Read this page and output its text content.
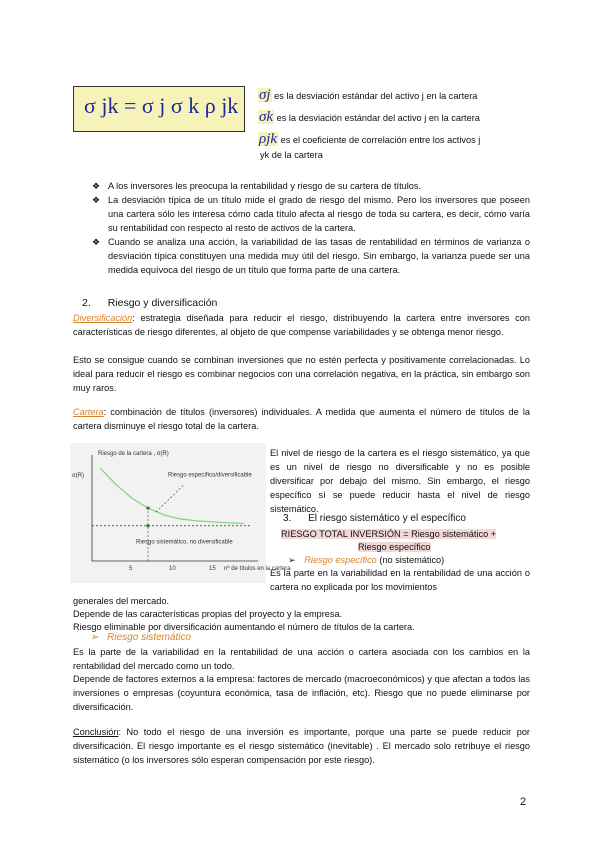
σ jk = σ j σ k ρ jk σj es la desviación estándar del activo j en la cartera
σk es la desviación estándar del activo j en la cartera
ρjk es el coeficiente de correlación entre los activos j
yk de la cartera
❖ A los inversores les preocupa la rentabilidad y riesgo de su cartera de títulos.
❖ La desviación típica de un título mide el grado de riesgo del mismo. Pero los inversores que poseen una cartera sólo les interesa cómo cada título afecta al riesgo de toda su cartera, es decir, cómo varía su rentabilidad con respecto al resto de activos de la cartera.
❖ Cuando se analiza una acción, la variabilidad de las tasas de rentabilidad en términos de varianza o desviación típica constituyen una medida muy útil del riesgo. Sin embargo, la varianza puede ser una medida equívoca del riesgo de un título que forma parte de una cartera.
2. Riesgo y diversificación
Diversificación: estrategia diseñada para reducir el riesgo, distribuyendo la cartera entre inversores con características de riesgo diferentes, al objeto de que compense variabilidades y se obtenga menor riesgo.
Esto se consigue cuando se combinan inversiones que no estén perfecta y positivamente correlacionadas. Lo ideal para reducir el riesgo es combinar negocios con una correlación negativa, en la práctica, sin embargo son muy raros.
Cartera: combinación de títulos (inversores) individuales. A medida que aumenta el número de títulos de la cartera disminuye el riesgo total de la cartera.
Riesgo de la cartera , σ(R)
σ(R)	Riesgo específico/diversificable
Riesgo sistemático, no diversificable
5	10	15 nº de títulos en la cartera
El nivel de riesgo de la cartera es el riesgo sistemático, ya que es un nivel de riesgo no diversificable y no es posible diversificar por debajo del mismo. Sin embargo, el riesgo específico sí se puede reducir hasta el nivel de riesgo sistemático.
3. El riesgo sistemático y el específico
RIESGO TOTAL INVERSIÓN = Riesgo sistemático +
Riesgo específico
➢ Riesgo específico (no sistemático)
Es la parte en la variabilidad en la rentabilidad de una acción o cartera no explicada por los movimientos
generales del mercado.
Depende de las características propias del proyecto y la empresa.
Riesgo eliminable por diversificación aumentando el número de títulos de la cartera.
➢ Riesgo sistemático
Es la parte de la variabilidad en la rentabilidad de una acción o cartera asociada con los cambios en la rentabilidad del mercado como un todo.
Depende de factores externos a la empresa: factores de mercado (macroeconómicos) y que afectan a todos las inversiones o empresas (coyuntura económica, tasa de inflación, etc). Riesgo que no puede eliminarse por diversificación.
Conclusión: No todo el riesgo de una inversión es importante, porque una parte se puede reducir por diversificación. El riesgo importante es el riesgo sistemático (inevitable) . El mercado solo retribuye el riesgo sistemático (o los inversores sólo esperan compensación por este riesgo).
2
